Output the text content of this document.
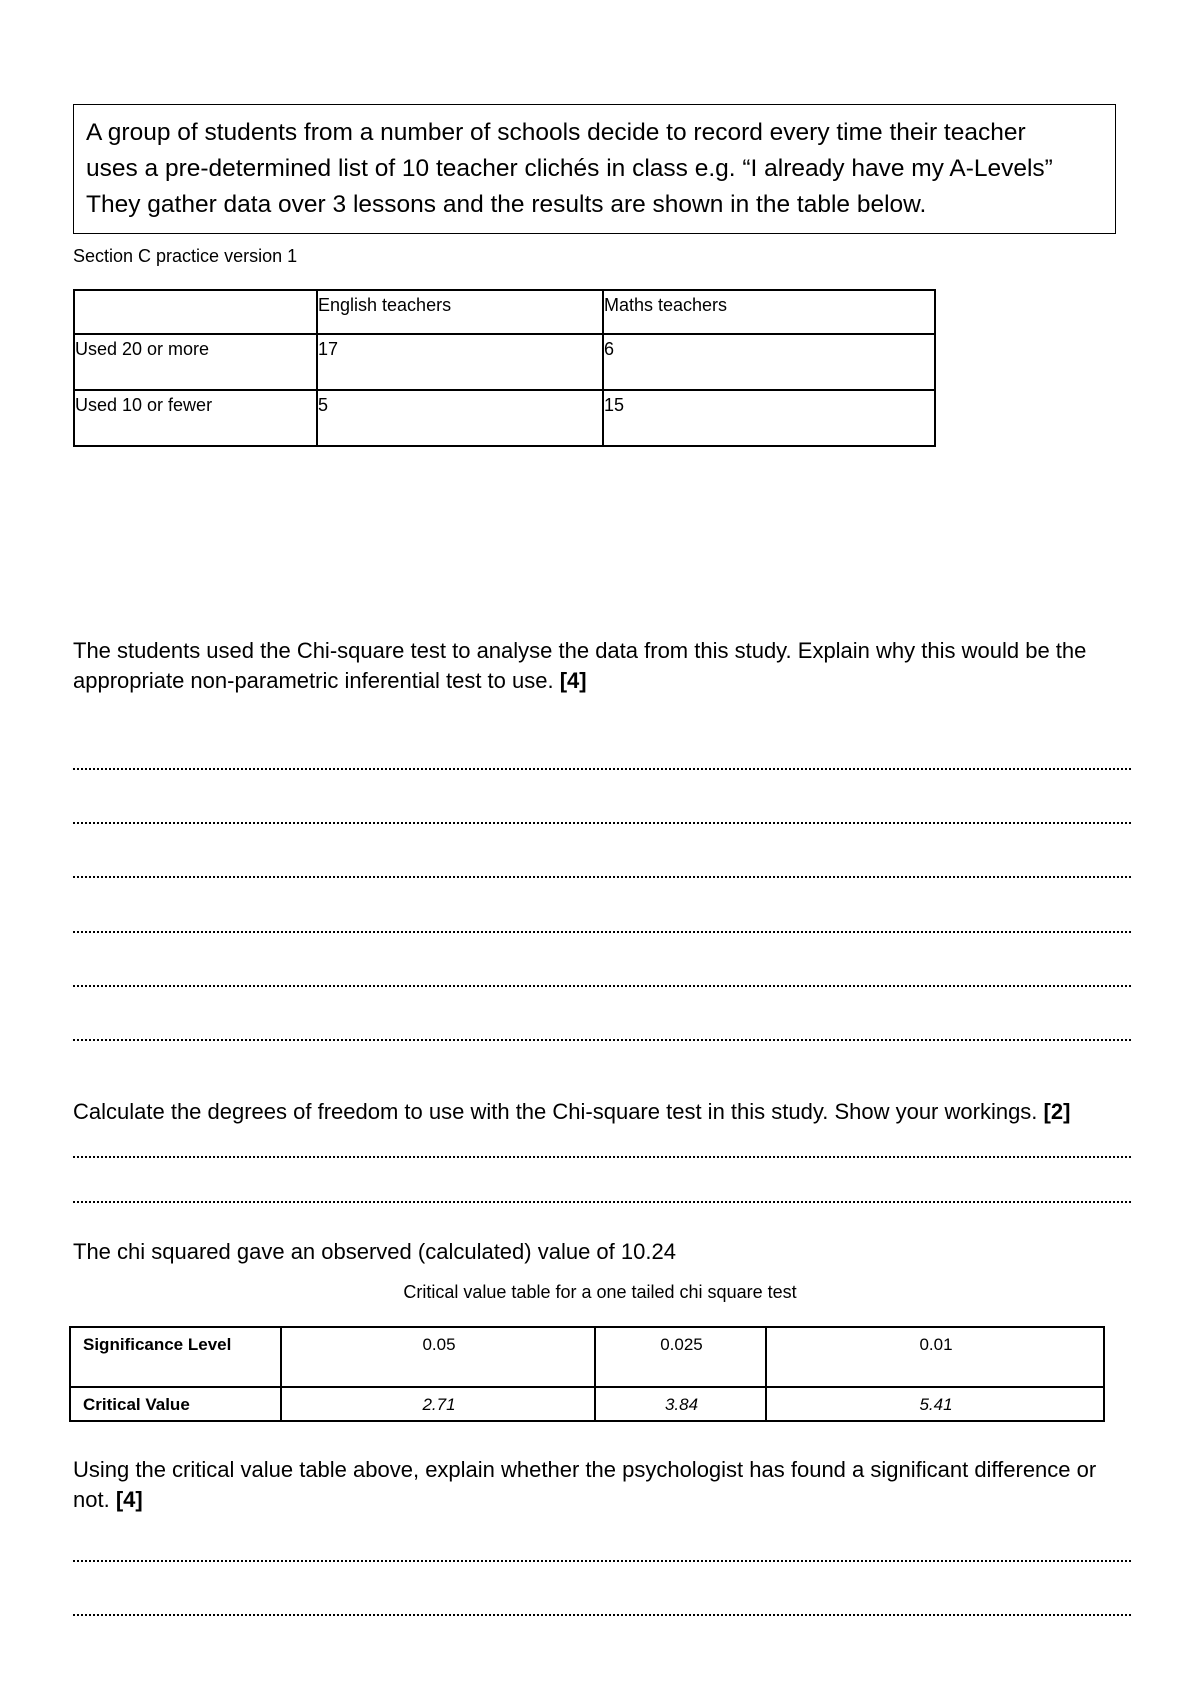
A group of students from a number of schools decide to record every time their teacher

uses a pre-determined list of 10 teacher clichés in class e.g. “I already have my A-Levels”

They gather data over 3 lessons and the results are shown in the table below.

Section C practice version 1
	English teachers	Maths teachers
Used 20 or more	17	6
Used 10 or fewer	5	15

The students used the Chi-square test to analyse the data from this study. Explain why this would be the appropriate non-parametric inferential test to use. [4]

Calculate the degrees of freedom to use with the Chi-square test in this study. Show your workings. [2]

The chi squared gave an observed (calculated) value of 10.24
Critical value table for a one tailed chi square test
Significance Level	0.05	0.025	0.01
Critical Value	2.71	3.84	5.41

Using the critical value table above, explain whether the psychologist has found a significant difference or not. [4]
